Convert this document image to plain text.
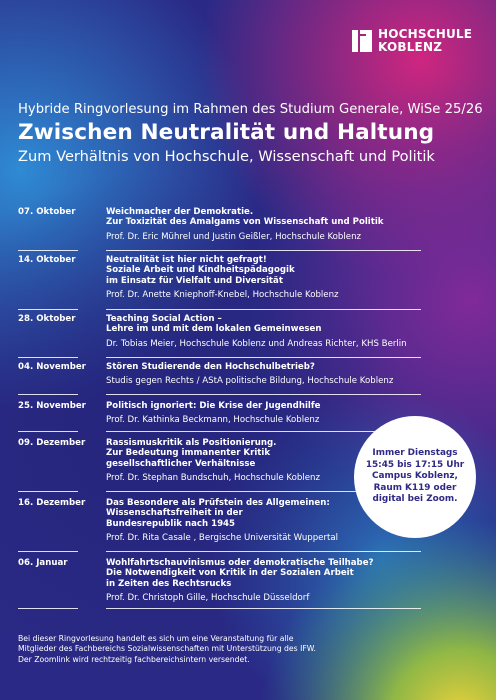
HOCHSCHULE
KOBLENZ
Hybride Ringvorlesung im Rahmen des Studium Generale, WiSe 25/26
Zwischen Neutralität und Haltung
Zum Verhältnis von Hochschule, Wissenschaft und Politik
07. Oktober	Weichmacher der Demokratie.
Zur Toxizität des Amalgams von Wissenschaft und Politik
Prof. Dr. Eric Mührel und Justin Geißler, Hochschule Koblenz
14. Oktober	Neutralität ist hier nicht gefragt!
Soziale Arbeit und Kindheitspädagogik
im Einsatz für Vielfalt und Diversität
Prof. Dr. Anette Kniephoff-Knebel, Hochschule Koblenz
28. Oktober	Teaching Social Action –
Lehre im und mit dem lokalen Gemeinwesen
Dr. Tobias Meier, Hochschule Koblenz und Andreas Richter, KHS Berlin
04. November Stören Studierende den Hochschulbetrieb?
Studis gegen Rechts / AStA politische Bildung, Hochschule Koblenz
25. November Politisch ignoriert: Die Krise der Jugendhilfe
Prof. Dr. Kathinka Beckmann, Hochschule Koblenz
09. Dezember Rassismuskritik als Positionierung.
Zur Bedeutung immanenter Kritik
gesellschaftlicher Verhältnisse
Prof. Dr. Stephan Bundschuh, Hochschule Koblenz
16. Dezember Das Besondere als Prüfstein des Allgemeinen:
Wissenschaftsfreiheit in der
Bundesrepublik nach 1945
Prof. Dr. Rita Casale , Bergische Universität Wuppertal
06. Januar	Wohlfahrtschauvinismus oder demokratische Teilhabe?
Die Notwendigkeit von Kritik in der Sozialen Arbeit
in Zeiten des Rechtsrucks
Prof. Dr. Christoph Gille, Hochschule Düsseldorf
Immer Dienstags
15:45 bis 17:15 Uhr
Campus Koblenz,
Raum K119 oder
digital bei Zoom.
Bei dieser Ringvorlesung handelt es sich um eine Veranstaltung für alle
Mitglieder des Fachbereichs Sozialwissenschaften mit Unterstützung des IFW.
Der Zoomlink wird rechtzeitig fachbereichsintern versendet.
